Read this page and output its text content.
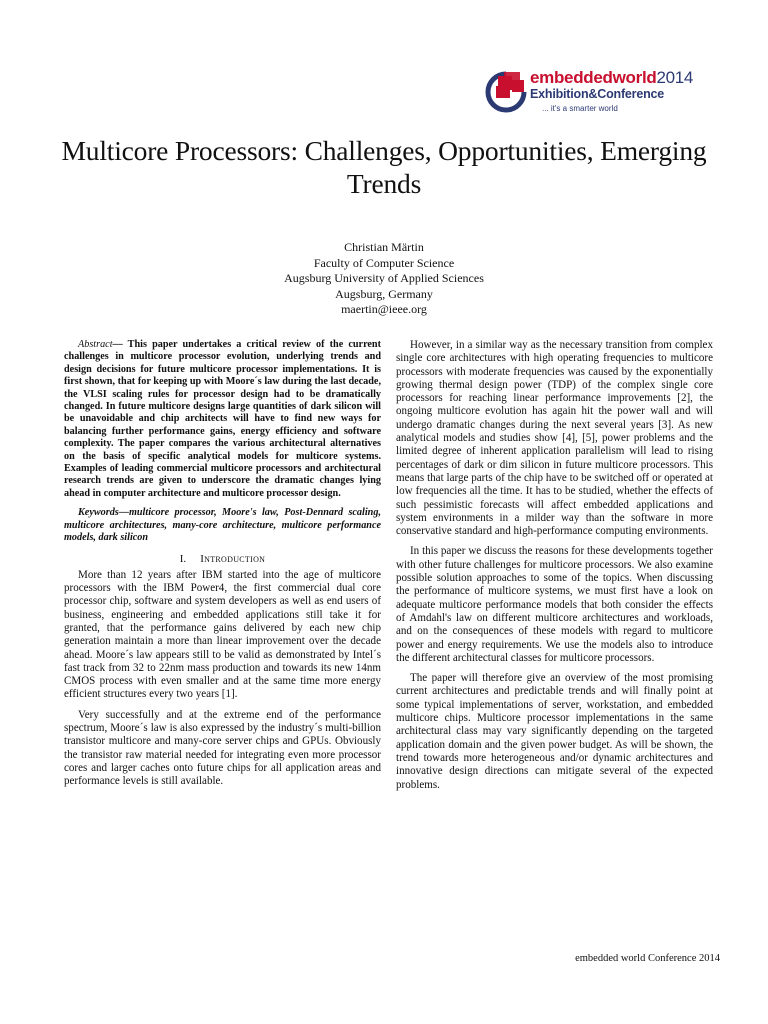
embeddedworld2014
Exhibition&Conference
... it's a smarter world
Multicore Processors: Challenges, Opportunities, Emerging Trends
Christian Märtin
Faculty of Computer Science
Augsburg University of Applied Sciences
Augsburg, Germany
maertin@ieee.org

Abstract— This paper undertakes a critical review of the current challenges in multicore processor evolution, underlying trends and design decisions for future multicore processor implementations. It is first shown, that for keeping up with Moore´s law during the last decade, the VLSI scaling rules for processor design had to be dramatically changed. In future multicore designs large quantities of dark silicon will be unavoidable and chip architects will have to find new ways for balancing further performance gains, energy efficiency and software complexity. The paper compares the various architectural alternatives on the basis of specific analytical models for multicore systems. Examples of leading commercial multicore processors and architectural research trends are given to underscore the dramatic changes lying ahead in computer architecture and multicore processor design.

Keywords—multicore processor, Moore's law, Post-Dennard scaling, multicore architectures, many-core architecture, multicore performance models, dark silicon

I. Introduction

More than 12 years after IBM started into the age of multicore processors with the IBM Power4, the first commercial dual core processor chip, software and system developers as well as end users of business, engineering and embedded applications still take it for granted, that the performance gains delivered by each new chip generation maintain a more than linear improvement over the decade ahead. Moore´s law appears still to be valid as demonstrated by Intel´s fast track from 32 to 22nm mass production and towards its new 14nm CMOS process with even smaller and at the same time more energy efficient structures every two years [1].

Very successfully and at the extreme end of the performance spectrum, Moore´s law is also expressed by the industry´s multi-billion transistor multicore and many-core server chips and GPUs. Obviously the transistor raw material needed for integrating even more processor cores and larger caches onto future chips for all application areas and performance levels is still available.

However, in a similar way as the necessary transition from complex single core architectures with high operating frequencies to multicore processors with moderate frequencies was caused by the exponentially growing thermal design power (TDP) of the complex single core processors for reaching linear performance improvements [2], the ongoing multicore evolution has again hit the power wall and will undergo dramatic changes during the next several years [3]. As new analytical models and studies show [4], [5], power problems and the limited degree of inherent application parallelism will lead to rising percentages of dark or dim silicon in future multicore processors. This means that large parts of the chip have to be switched off or operated at low frequencies all the time. It has to be studied, whether the effects of such pessimistic forecasts will affect embedded applications and system environments in a milder way than the software in more conservative standard and high-performance computing environments.

In this paper we discuss the reasons for these developments together with other future challenges for multicore processors. We also examine possible solution approaches to some of the topics. When discussing the performance of multicore systems, we must first have a look on adequate multicore performance models that both consider the effects of Amdahl's law on different multicore architectures and workloads, and on the consequences of these models with regard to multicore power and energy requirements. We use the models also to introduce the different architectural classes for multicore processors.

The paper will therefore give an overview of the most promising current architectures and predictable trends and will finally point at some typical implementations of server, workstation, and embedded multicore chips. Multicore processor implementations in the same architectural class may vary significantly depending on the targeted application domain and the given power budget. As will be shown, the trend towards more heterogeneous and/or dynamic architectures and innovative design directions can mitigate several of the expected problems.

embedded world Conference 2014
